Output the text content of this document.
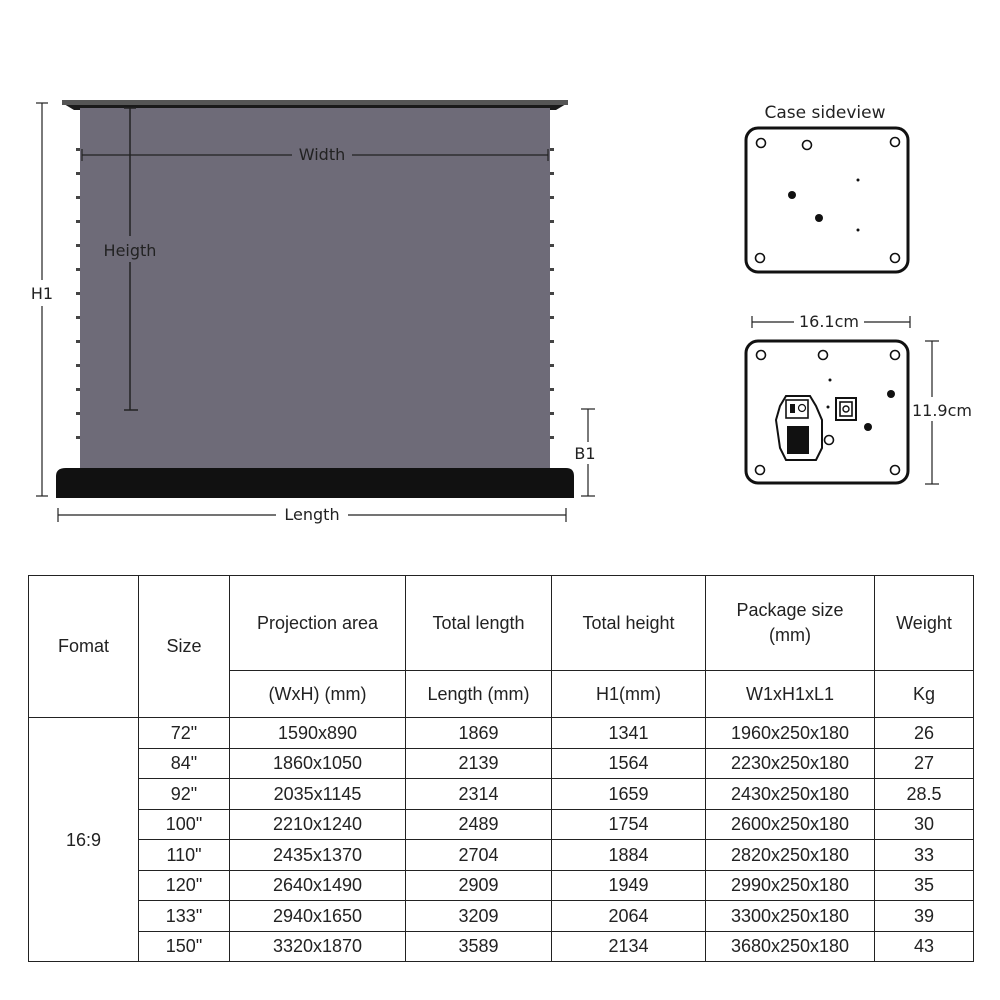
Width
Heigth
H1
B1
Length
Case sideview
16.1cm
11.9cm
Fomat	Size	Projection area	Total length	Total height	Package size
(mm)	Weight
		(WxH) (mm)	Length (mm)	H1(mm)	W1xH1xL1	Kg
16:9	72"	1590x890	1869	1341	1960x250x180	26
	84"	1860x1050	2139	1564	2230x250x180	27
	92"	2035x1145	2314	1659	2430x250x180	28.5
	100"	2210x1240	2489	1754	2600x250x180	30
	110"	2435x1370	2704	1884	2820x250x180	33
	120"	2640x1490	2909	1949	2990x250x180	35
	133"	2940x1650	3209	2064	3300x250x180	39
	150"	3320x1870	3589	2134	3680x250x180	43
